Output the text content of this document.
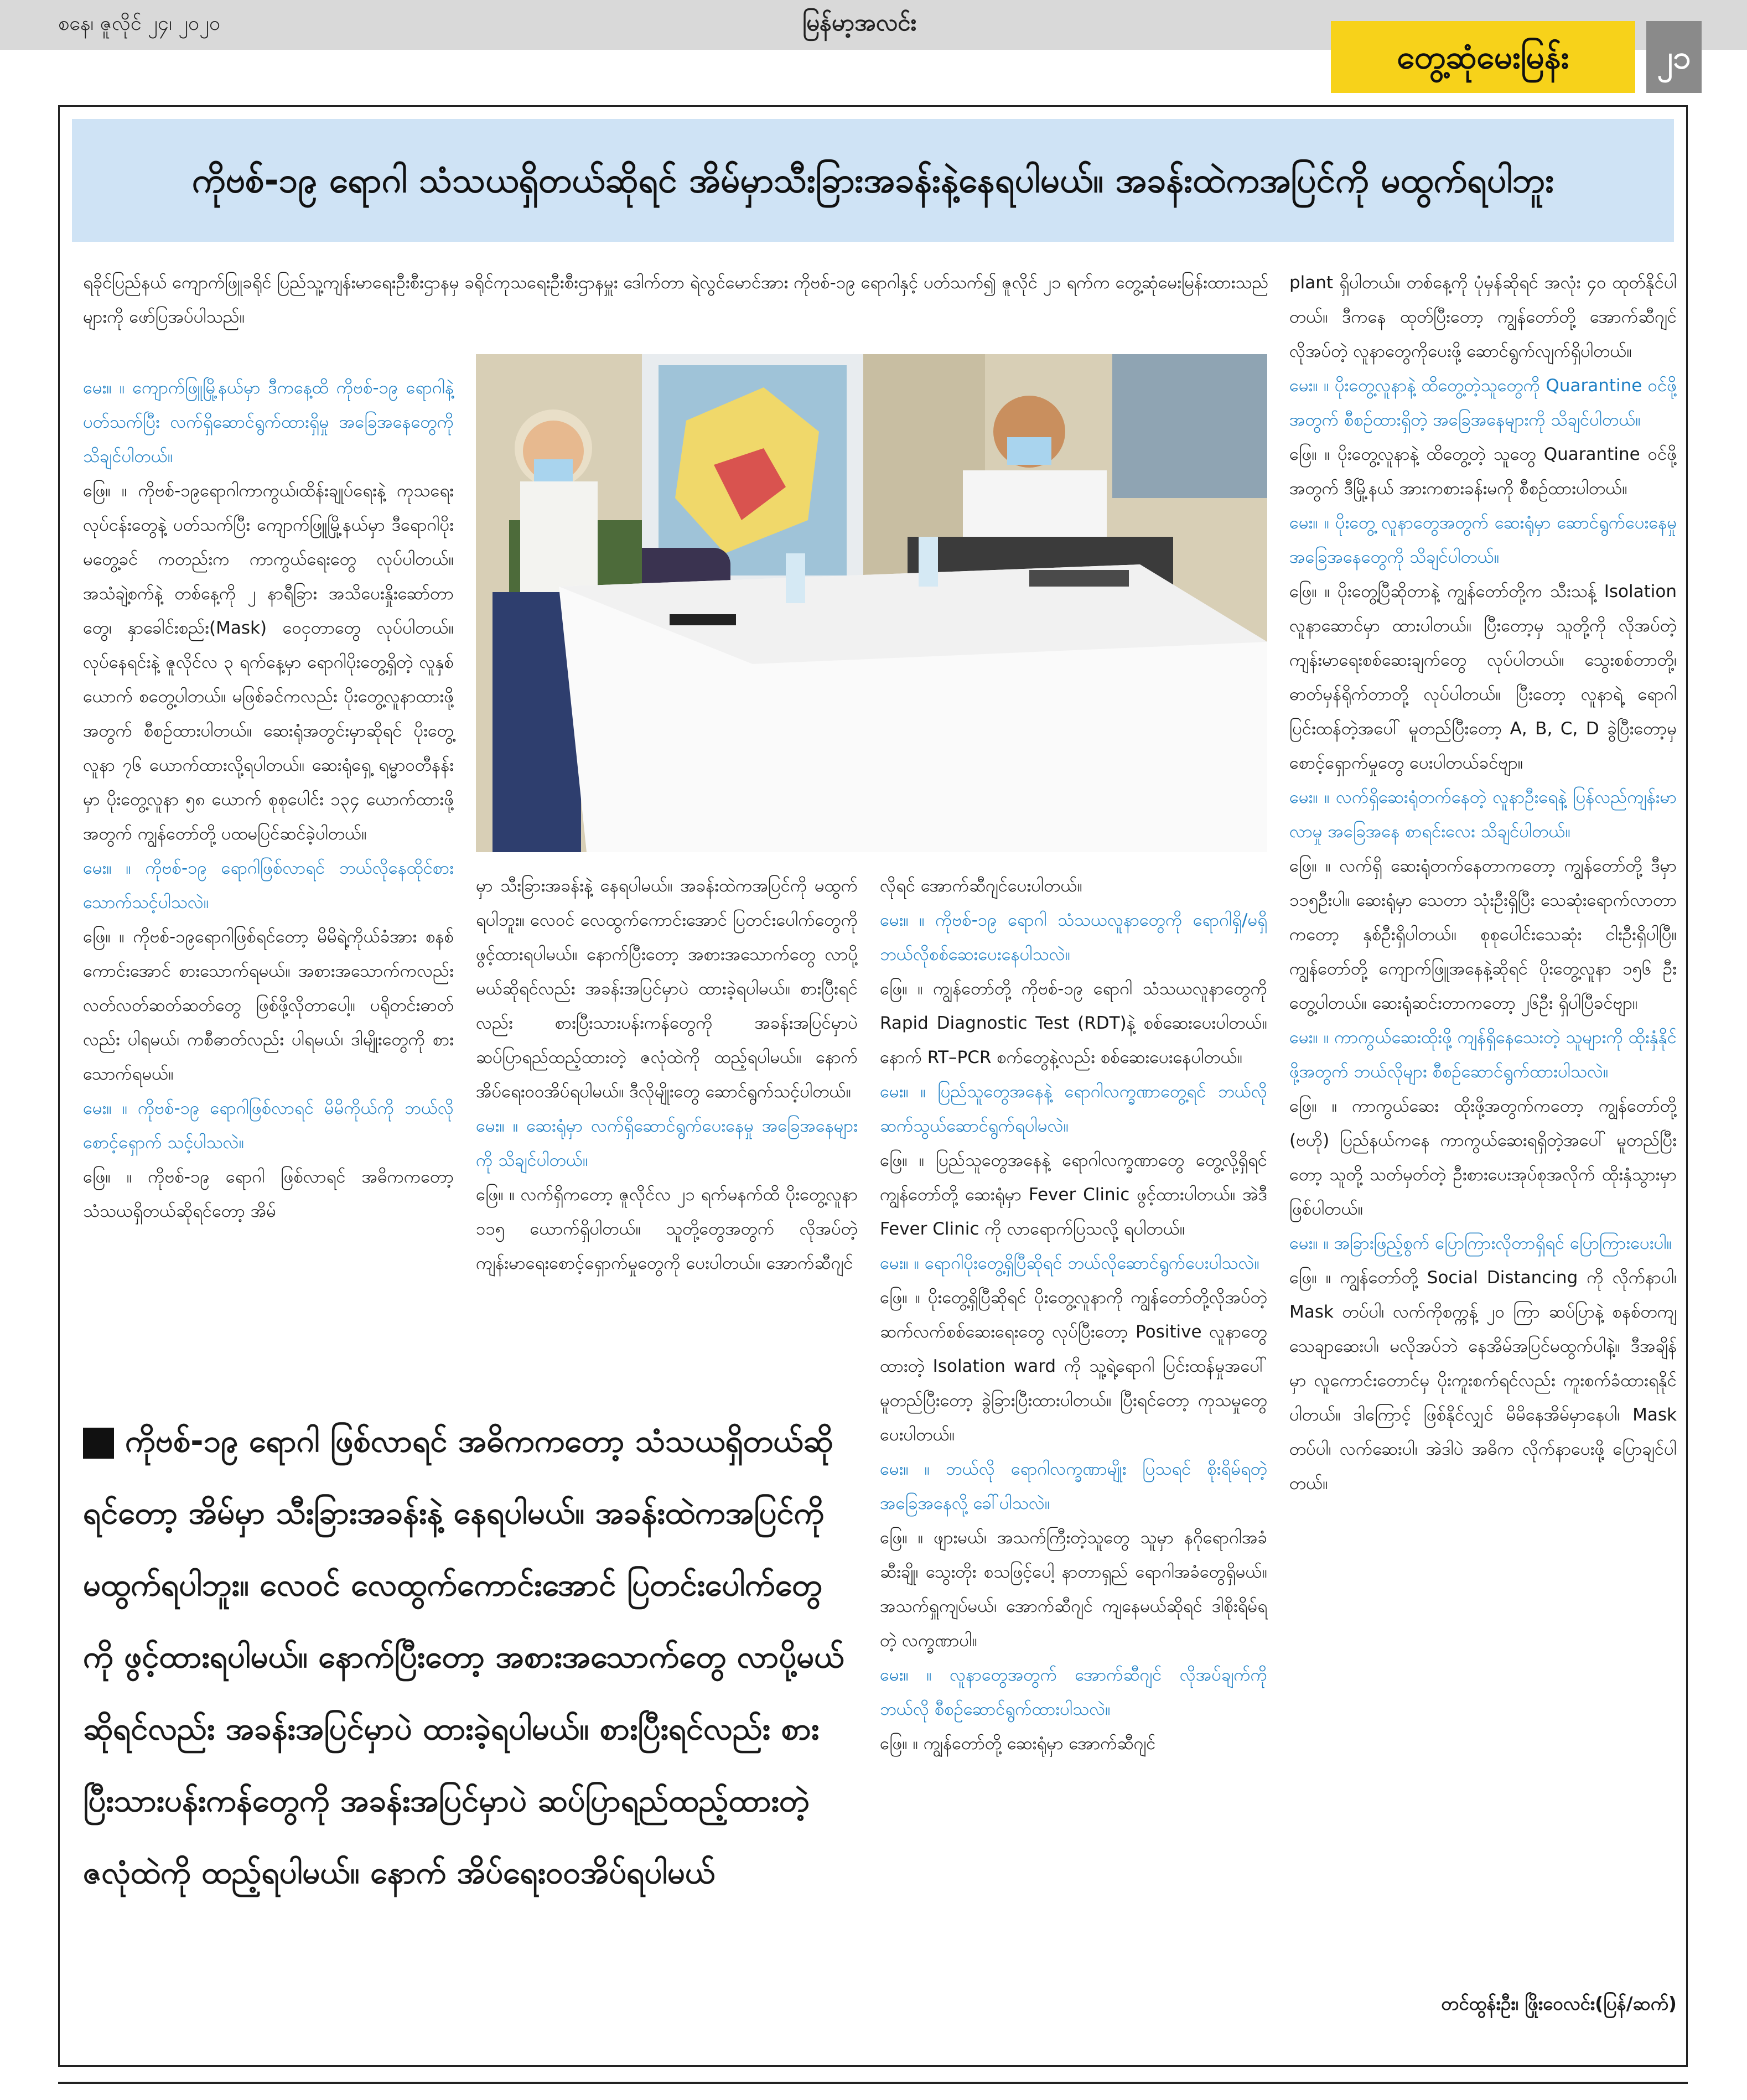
စနေ၊ ဇူလိုင် ၂၄၊ ၂၀၂၀	မြန်မာ့အလင်း
တွေ့ဆုံမေးမြန်း	၂၁
ကိုဗစ်-၁၉ ရောဂါ သံသယရှိတယ်ဆိုရင် အိမ်မှာသီးခြားအခန်းနဲ့နေရပါမယ်။ အခန်းထဲကအပြင်ကို မထွက်ရပါဘူး
ရခိုင်ပြည်နယ် ကျောက်ဖြူခရိုင် ပြည်သူ့ကျန်းမာရေးဦးစီးဌာနမှ ခရိုင်ကုသရေးဦးစီးဌာနမှူး ဒေါက်တာ ရဲလွင်မောင်အား ကိုဗစ်-၁၉ ရောဂါနှင့် ပတ်သက်၍ ဇူလိုင် ၂၁ ရက်က တွေ့ဆုံမေးမြန်းထားသည်များကို ဖော်ပြအပ်ပါသည်။

မေး။ ။ ကျောက်ဖြူမြို့နယ်မှာ ဒီကနေ့ထိ ကိုဗစ်-၁၉ ရောဂါနဲ့ ပတ်သက်ပြီး လက်ရှိဆောင်ရွက်ထားရှိမှု အခြေအနေတွေကို သိချင်ပါတယ်။

ဖြေ။ ။ ကိုဗစ်-၁၉ရောဂါကာကွယ်၊ထိန်းချုပ်ရေးနဲ့ ကုသရေး လုပ်ငန်းတွေနဲ့ ပတ်သက်ပြီး ကျောက်ဖြူမြို့နယ်မှာ ဒီရောဂါပိုးမတွေ့ခင် ကတည်းက ကာကွယ်ရေးတွေ လုပ်ပါတယ်။ အသံချဲ့စက်နဲ့ တစ်နေ့ကို ၂ နာရီခြား အသိပေးနှိုးဆော်တာတွေ၊ နှာခေါင်းစည်း(Mask) ဝေငှတာတွေ လုပ်ပါတယ်။ လုပ်နေရင်းနဲ့ ဇူလိုင်လ ၃ ရက်နေ့မှာ ရောဂါပိုးတွေ့ရှိတဲ့ လူနှစ်ယောက် စတွေ့ပါတယ်။ မဖြစ်ခင်ကလည်း ပိုးတွေ့လူနာထားဖို့အတွက် စီစဉ်ထားပါတယ်။ ဆေးရုံအတွင်းမှာဆိုရင် ပိုးတွေ့လူနာ ၇၆ ယောက်ထားလို့ရပါတယ်။ ဆေးရုံရှေ့ ရမ္မာဝတီနန်းမှာ ပိုးတွေ့လူနာ ၅၈ ယောက် စုစုပေါင်း ၁၃၄ ယောက်ထားဖို့ အတွက် ကျွန်တော်တို့ ပထမပြင်ဆင်ခဲ့ပါတယ်။

မေး။ ။ ကိုဗစ်-၁၉ ရောဂါဖြစ်လာရင် ဘယ်လိုနေထိုင်စားသောက်သင့်ပါသလဲ။

ဖြေ။ ။ ကိုဗစ်-၁၉ရောဂါဖြစ်ရင်တော့ မိမိရဲ့ကိုယ်ခံအား စနစ်ကောင်းအောင် စားသောက်ရမယ်။ အစားအသောက်ကလည်း လတ်လတ်ဆတ်ဆတ်တွေ ဖြစ်ဖို့လိုတာပေါ့။ ပရိုတင်းဓာတ်လည်း ပါရမယ်၊ ကစီဓာတ်လည်း ပါရမယ်၊ ဒါမျိုးတွေကို စားသောက်ရမယ်။

မေး။ ။ ကိုဗစ်-၁၉ ရောဂါဖြစ်လာရင် မိမိကိုယ်ကို ဘယ်လိုစောင့်ရှောက် သင့်ပါသလဲ။

ဖြေ။ ။ ကိုဗစ်-၁၉ ရောဂါ ဖြစ်လာရင် အဓိကကတော့ သံသယရှိတယ်ဆိုရင်တော့ အိမ်

မှာ သီးခြားအခန်းနဲ့ နေရပါမယ်။ အခန်းထဲကအပြင်ကို မထွက်ရပါဘူး။ လေဝင် လေထွက်ကောင်းအောင် ပြတင်းပေါက်တွေကို ဖွင့်ထားရပါမယ်။ နောက်ပြီးတော့ အစားအသောက်တွေ လာပို့မယ်ဆိုရင်လည်း အခန်းအပြင်မှာပဲ ထားခဲ့ရပါမယ်။ စားပြီးရင်လည်း စားပြီးသားပန်းကန်တွေကို အခန်းအပြင်မှာပဲ ဆပ်ပြာရည်ထည့်ထားတဲ့ ဇလုံထဲကို ထည့်ရပါမယ်။ နောက် အိပ်ရေးဝဝအိပ်ရပါမယ်။ ဒီလိုမျိုးတွေ ဆောင်ရွက်သင့်ပါတယ်။

မေး။ ။ ဆေးရုံမှာ လက်ရှိဆောင်ရွက်ပေးနေမှု အခြေအနေများကို သိချင်ပါတယ်။

ဖြေ။ ။ လက်ရှိကတော့ ဇူလိုင်လ ၂၁ ရက်မနက်ထိ ပိုးတွေ့လူနာ ၁၁၅ ယောက်ရှိပါတယ်။ သူတို့တွေအတွက် လိုအပ်တဲ့ကျန်းမာရေးစောင့်ရှောက်မှုတွေကို ပေးပါတယ်။ အောက်ဆီဂျင်

လိုရင် အောက်ဆီဂျင်ပေးပါတယ်။

မေး။ ။ ကိုဗစ်-၁၉ ရောဂါ သံသယလူနာတွေကို ရောဂါရှိ/မရှိ ဘယ်လိုစစ်ဆေးပေးနေပါသလဲ။

ဖြေ။ ။ ကျွန်တော်တို့ ကိုဗစ်-၁၉ ရောဂါ သံသယလူနာတွေကို Rapid Diagnostic Test (RDT)နဲ့ စစ်ဆေးပေးပါတယ်။ နောက် RT–PCR စက်တွေနဲ့လည်း စစ်ဆေးပေးနေပါတယ်။

မေး။ ။ ပြည်သူတွေအနေနဲ့ ရောဂါလက္ခဏာတွေ့ရင် ဘယ်လိုဆက်သွယ်ဆောင်ရွက်ရပါမလဲ။

ဖြေ။ ။ ပြည်သူတွေအနေနဲ့ ရောဂါလက္ခဏာတွေ တွေ့လို့ရှိရင် ကျွန်တော်တို့ ဆေးရုံမှာ Fever Clinic ဖွင့်ထားပါတယ်။ အဲဒီ Fever Clinic ကို လာရောက်ပြသလို့ ရပါတယ်။

မေး။ ။ ရောဂါပိုးတွေ့ရှိပြီဆိုရင် ဘယ်လိုဆောင်ရွက်ပေးပါသလဲ။

ဖြေ။ ။ ပိုးတွေ့ရှိပြီဆိုရင် ပိုးတွေ့လူနာကို ကျွန်တော်တို့လိုအပ်တဲ့ဆက်လက်စစ်ဆေးရေးတွေ လုပ်ပြီးတော့ Positive လူနာတွေထားတဲ့ Isolation ward ကို သူ့ရဲ့ရောဂါ ပြင်းထန်မှုအပေါ်မူတည်ပြီးတော့ ခွဲခြားပြီးထားပါတယ်။ ပြီးရင်တော့ ကုသမှုတွေ ပေးပါတယ်။

မေး။ ။ ဘယ်လို ရောဂါလက္ခဏာမျိုး ပြသရင် စိုးရိမ်ရတဲ့ အခြေအနေလို့ ခေါ်ပါသလဲ။

ဖြေ။ ။ ဖျားမယ်၊ အသက်ကြီးတဲ့သူတွေ သူမှာ နဂိုရောဂါအခံ ဆီးချို၊ သွေးတိုး စသဖြင့်ပေါ့ နာတာရှည် ရောဂါအခံတွေရှိမယ်။ အသက်ရှူကျပ်မယ်၊ အောက်ဆီဂျင် ကျနေမယ်ဆိုရင် ဒါစိုးရိမ်ရတဲ့ လက္ခဏာပါ။

မေး။ ။ လူနာတွေအတွက် အောက်ဆီဂျင် လိုအပ်ချက်ကို ဘယ်လို စီစဉ်ဆောင်ရွက်ထားပါသလဲ။

ဖြေ။ ။ ကျွန်တော်တို့ ဆေးရုံမှာ အောက်ဆီဂျင်

plant ရှိပါတယ်။ တစ်နေ့ကို ပုံမှန်ဆိုရင် အလုံး ၄၀ ထုတ်နိုင်ပါတယ်။ ဒီကနေ ထုတ်ပြီးတော့ ကျွန်တော်တို့ အောက်ဆီဂျင်လိုအပ်တဲ့ လူနာတွေကိုပေးဖို့ ဆောင်ရွက်လျက်ရှိပါတယ်။

မေး။ ။ ပိုးတွေ့လူနာနဲ့ ထိတွေ့တဲ့သူတွေကို Quarantine ဝင်ဖို့အတွက် စီစဉ်ထားရှိတဲ့ အခြေအနေများကို သိချင်ပါတယ်။

ဖြေ။ ။ ပိုးတွေ့လူနာနဲ့ ထိတွေ့တဲ့ သူတွေ Quarantine ဝင်ဖို့အတွက် ဒီမြို့နယ် အားကစားခန်းမကို စီစဉ်ထားပါတယ်။

မေး။ ။ ပိုးတွေ့ လူနာတွေအတွက် ဆေးရုံမှာ ဆောင်ရွက်ပေးနေမှု အခြေအနေတွေကို သိချင်ပါတယ်။

ဖြေ။ ။ ပိုးတွေ့ပြီဆိုတာနဲ့ ကျွန်တော်တို့က သီးသန့် Isolation လူနာဆောင်မှာ ထားပါတယ်။ ပြီးတော့မှ သူတို့ကို လိုအပ်တဲ့ ကျန်းမာရေးစစ်ဆေးချက်တွေ လုပ်ပါတယ်။ သွေးစစ်တာတို့၊ ဓာတ်မှန်ရိုက်တာတို့ လုပ်ပါတယ်။ ပြီးတော့ လူနာရဲ့ ရောဂါပြင်းထန်တဲ့အပေါ် မူတည်ပြီးတော့ A, B, C, D ခွဲပြီးတော့မှ စောင့်ရှောက်မှုတွေ ပေးပါတယ်ခင်ဗျာ။

မေး။ ။ လက်ရှိဆေးရုံတက်နေတဲ့ လူနာဦးရေနဲ့ ပြန်လည်ကျန်းမာလာမှု အခြေအနေ စာရင်းလေး သိချင်ပါတယ်။

ဖြေ။ ။ လက်ရှိ ဆေးရုံတက်နေတာကတော့ ကျွန်တော်တို့ ဒီမှာ ၁၁၅ဦးပါ။ ဆေးရုံမှာ သေတာ သုံးဦးရှိပြီး သေဆုံးရောက်လာတာကတော့ နှစ်ဦးရှိပါတယ်။ စုစုပေါင်းသေဆုံး ငါးဦးရှိပါပြီ။ ကျွန်တော်တို့ ကျောက်ဖြူအနေနဲ့ဆိုရင် ပိုးတွေ့လူနာ ၁၅၆ ဦး တွေ့ပါတယ်။ ဆေးရုံဆင်းတာကတော့ ၂၆ဦး ရှိပါပြီခင်ဗျာ။

မေး။ ။ ကာကွယ်ဆေးထိုးဖို့ ကျန်ရှိနေသေးတဲ့ သူများကို ထိုးနှံနိုင်ဖို့အတွက် ဘယ်လိုများ စီစဉ်ဆောင်ရွက်ထားပါသလဲ။

ဖြေ။ ။ ကာကွယ်ဆေး ထိုးဖို့အတွက်ကတော့ ကျွန်တော်တို့ (ဗဟို) ပြည်နယ်ကနေ ကာကွယ်ဆေးရရှိတဲ့အပေါ် မူတည်ပြီးတော့ သူတို့ သတ်မှတ်တဲ့ ဦးစားပေးအုပ်စုအလိုက် ထိုးနှံသွားမှာဖြစ်ပါတယ်။

မေး။ ။ အခြားဖြည့်စွက် ပြောကြားလိုတာရှိရင် ပြောကြားပေးပါ။

ဖြေ။ ။ ကျွန်တော်တို့ Social Distancing ကို လိုက်နာပါ၊ Mask တပ်ပါ၊ လက်ကိုစက္ကန့် ၂၀ ကြာ ဆပ်ပြာနဲ့ စနစ်တကျ သေချာဆေးပါ၊ မလိုအပ်ဘဲ နေအိမ်အပြင်မထွက်ပါနဲ့။ ဒီအချိန်မှာ လူကောင်းတောင်မှ ပိုးကူးစက်ရင်လည်း ကူးစက်ခံထားရနိုင်ပါတယ်။ ဒါကြောင့် ဖြစ်နိုင်လျှင် မိမိနေအိမ်မှာနေပါ၊ Mask တပ်ပါ၊ လက်ဆေးပါ၊ အဲဒါပဲ အဓိက လိုက်နာပေးဖို့ ပြောချင်ပါတယ်။

ကိုဗစ်-၁၉ ရောဂါ ဖြစ်လာရင် အဓိကကတော့ သံသယရှိတယ်ဆိုရင်တော့ အိမ်မှာ သီးခြားအခန်းနဲ့ နေရပါမယ်။ အခန်းထဲကအပြင်ကို မထွက်ရပါဘူး။ လေဝင် လေထွက်ကောင်းအောင် ပြတင်းပေါက်တွေကို ဖွင့်ထားရပါမယ်။ နောက်ပြီးတော့ အစားအသောက်တွေ လာပို့မယ်ဆိုရင်လည်း အခန်းအပြင်မှာပဲ ထားခဲ့ရပါမယ်။ စားပြီးရင်လည်း စားပြီးသားပန်းကန်တွေကို အခန်းအပြင်မှာပဲ ဆပ်ပြာရည်ထည့်ထားတဲ့ ဇလုံထဲကို ထည့်ရပါမယ်။ နောက် အိပ်ရေးဝဝအိပ်ရပါမယ်
တင်ထွန်းဦး၊ ဖြိုးဝေလင်း(ပြန်/ဆက်)
